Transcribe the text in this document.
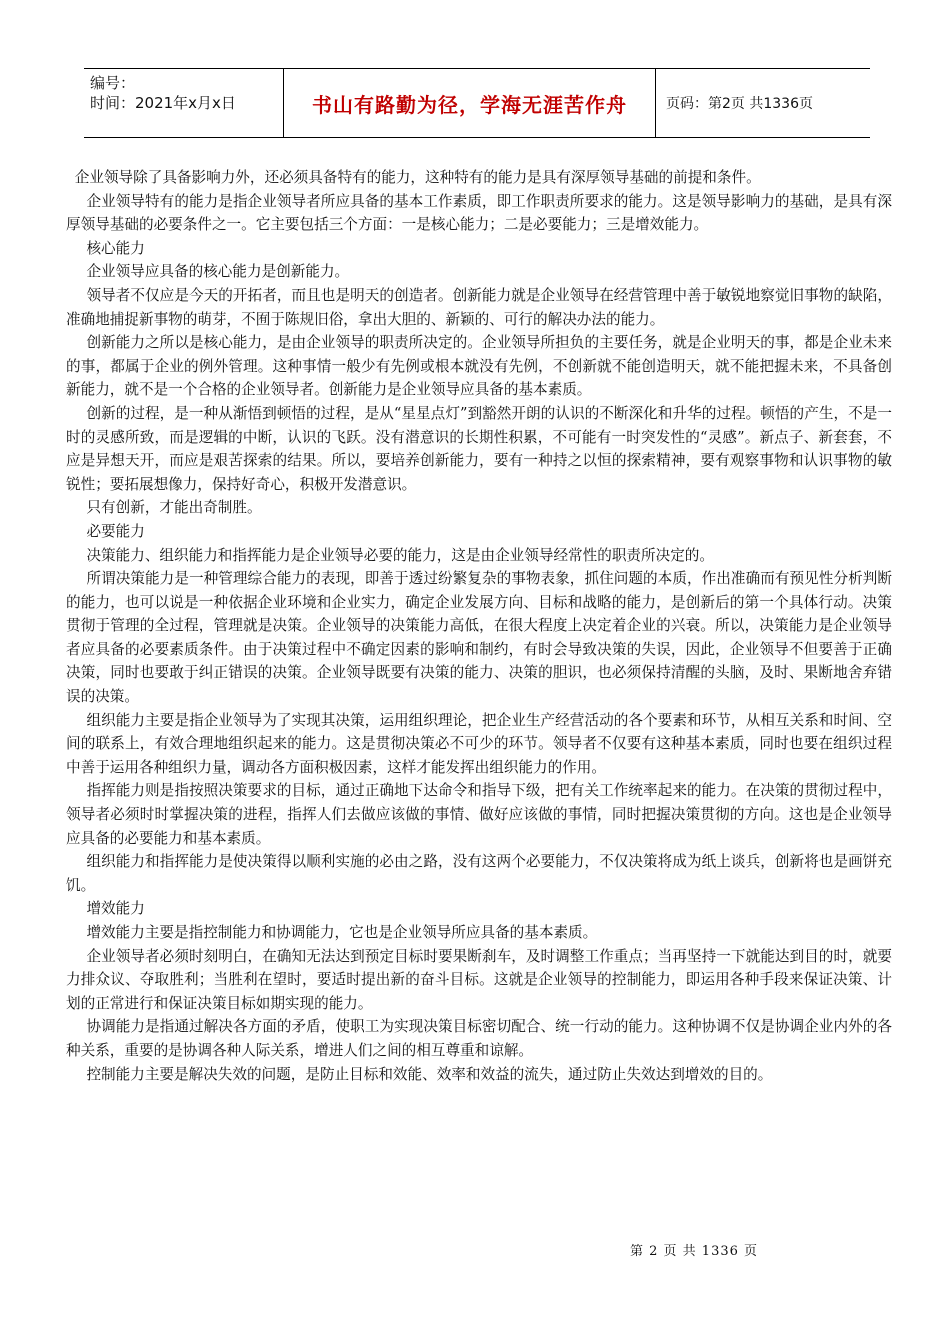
编号：
时间：2021年x月x日	书山有路勤为径，学海无涯苦作舟	页码：第2页 共1336页

企业领导除了具备影响力外，还必须具备特有的能力，这种特有的能力是具有深厚领导基础的前提和条件。

企业领导特有的能力是指企业领导者所应具备的基本工作素质，即工作职责所要求的能力。这是领导影响力的基础，是具有深厚领导基础的必要条件之一。它主要包括三个方面：一是核心能力；二是必要能力；三是增效能力。

核心能力

企业领导应具备的核心能力是创新能力。

领导者不仅应是今天的开拓者，而且也是明天的创造者。创新能力就是企业领导在经营管理中善于敏锐地察觉旧事物的缺陷，准确地捕捉新事物的萌芽，不囿于陈规旧俗，拿出大胆的、新颖的、可行的解决办法的能力。

创新能力之所以是核心能力，是由企业领导的职责所决定的。企业领导所担负的主要任务，就是企业明天的事，都是企业未来的事，都属于企业的例外管理。这种事情一般少有先例或根本就没有先例，不创新就不能创造明天，就不能把握未来，不具备创新能力，就不是一个合格的企业领导者。创新能力是企业领导应具备的基本素质。

创新的过程，是一种从渐悟到顿悟的过程，是从“星星点灯”到豁然开朗的认识的不断深化和升华的过程。顿悟的产生，不是一时的灵感所致，而是逻辑的中断，认识的飞跃。没有潜意识的长期性积累，不可能有一时突发性的“灵感”。新点子、新套套，不应是异想天开，而应是艰苦探索的结果。所以，要培养创新能力，要有一种持之以恒的探索精神，要有观察事物和认识事物的敏锐性；要拓展想像力，保持好奇心，积极开发潜意识。

只有创新，才能出奇制胜。

必要能力

决策能力、组织能力和指挥能力是企业领导必要的能力，这是由企业领导经常性的职责所决定的。

所谓决策能力是一种管理综合能力的表现，即善于透过纷繁复杂的事物表象，抓住问题的本质，作出准确而有预见性分析判断的能力，也可以说是一种依据企业环境和企业实力，确定企业发展方向、目标和战略的能力，是创新后的第一个具体行动。决策贯彻于管理的全过程，管理就是决策。企业领导的决策能力高低，在很大程度上决定着企业的兴衰。所以，决策能力是企业领导者应具备的必要素质条件。由于决策过程中不确定因素的影响和制约，有时会导致决策的失误，因此，企业领导不但要善于正确决策，同时也要敢于纠正错误的决策。企业领导既要有决策的能力、决策的胆识，也必须保持清醒的头脑，及时、果断地舍弃错误的决策。

组织能力主要是指企业领导为了实现其决策，运用组织理论，把企业生产经营活动的各个要素和环节，从相互关系和时间、空间的联系上，有效合理地组织起来的能力。这是贯彻决策必不可少的环节。领导者不仅要有这种基本素质，同时也要在组织过程中善于运用各种组织力量，调动各方面积极因素，这样才能发挥出组织能力的作用。

指挥能力则是指按照决策要求的目标，通过正确地下达命令和指导下级，把有关工作统率起来的能力。在决策的贯彻过程中，领导者必须时时掌握决策的进程，指挥人们去做应该做的事情、做好应该做的事情，同时把握决策贯彻的方向。这也是企业领导应具备的必要能力和基本素质。

组织能力和指挥能力是使决策得以顺利实施的必由之路，没有这两个必要能力，不仅决策将成为纸上谈兵，创新将也是画饼充饥。

增效能力

增效能力主要是指控制能力和协调能力，它也是企业领导所应具备的基本素质。

企业领导者必须时刻明白，在确知无法达到预定目标时要果断刹车，及时调整工作重点；当再坚持一下就能达到目的时，就要力排众议、夺取胜利；当胜利在望时，要适时提出新的奋斗目标。这就是企业领导的控制能力，即运用各种手段来保证决策、计划的正常进行和保证决策目标如期实现的能力。

协调能力是指通过解决各方面的矛盾，使职工为实现决策目标密切配合、统一行动的能力。这种协调不仅是协调企业内外的各种关系，重要的是协调各种人际关系，增进人们之间的相互尊重和谅解。

控制能力主要是解决失效的问题，是防止目标和效能、效率和效益的流失，通过防止失效达到增效的目的。

第 2 页 共 1336 页
